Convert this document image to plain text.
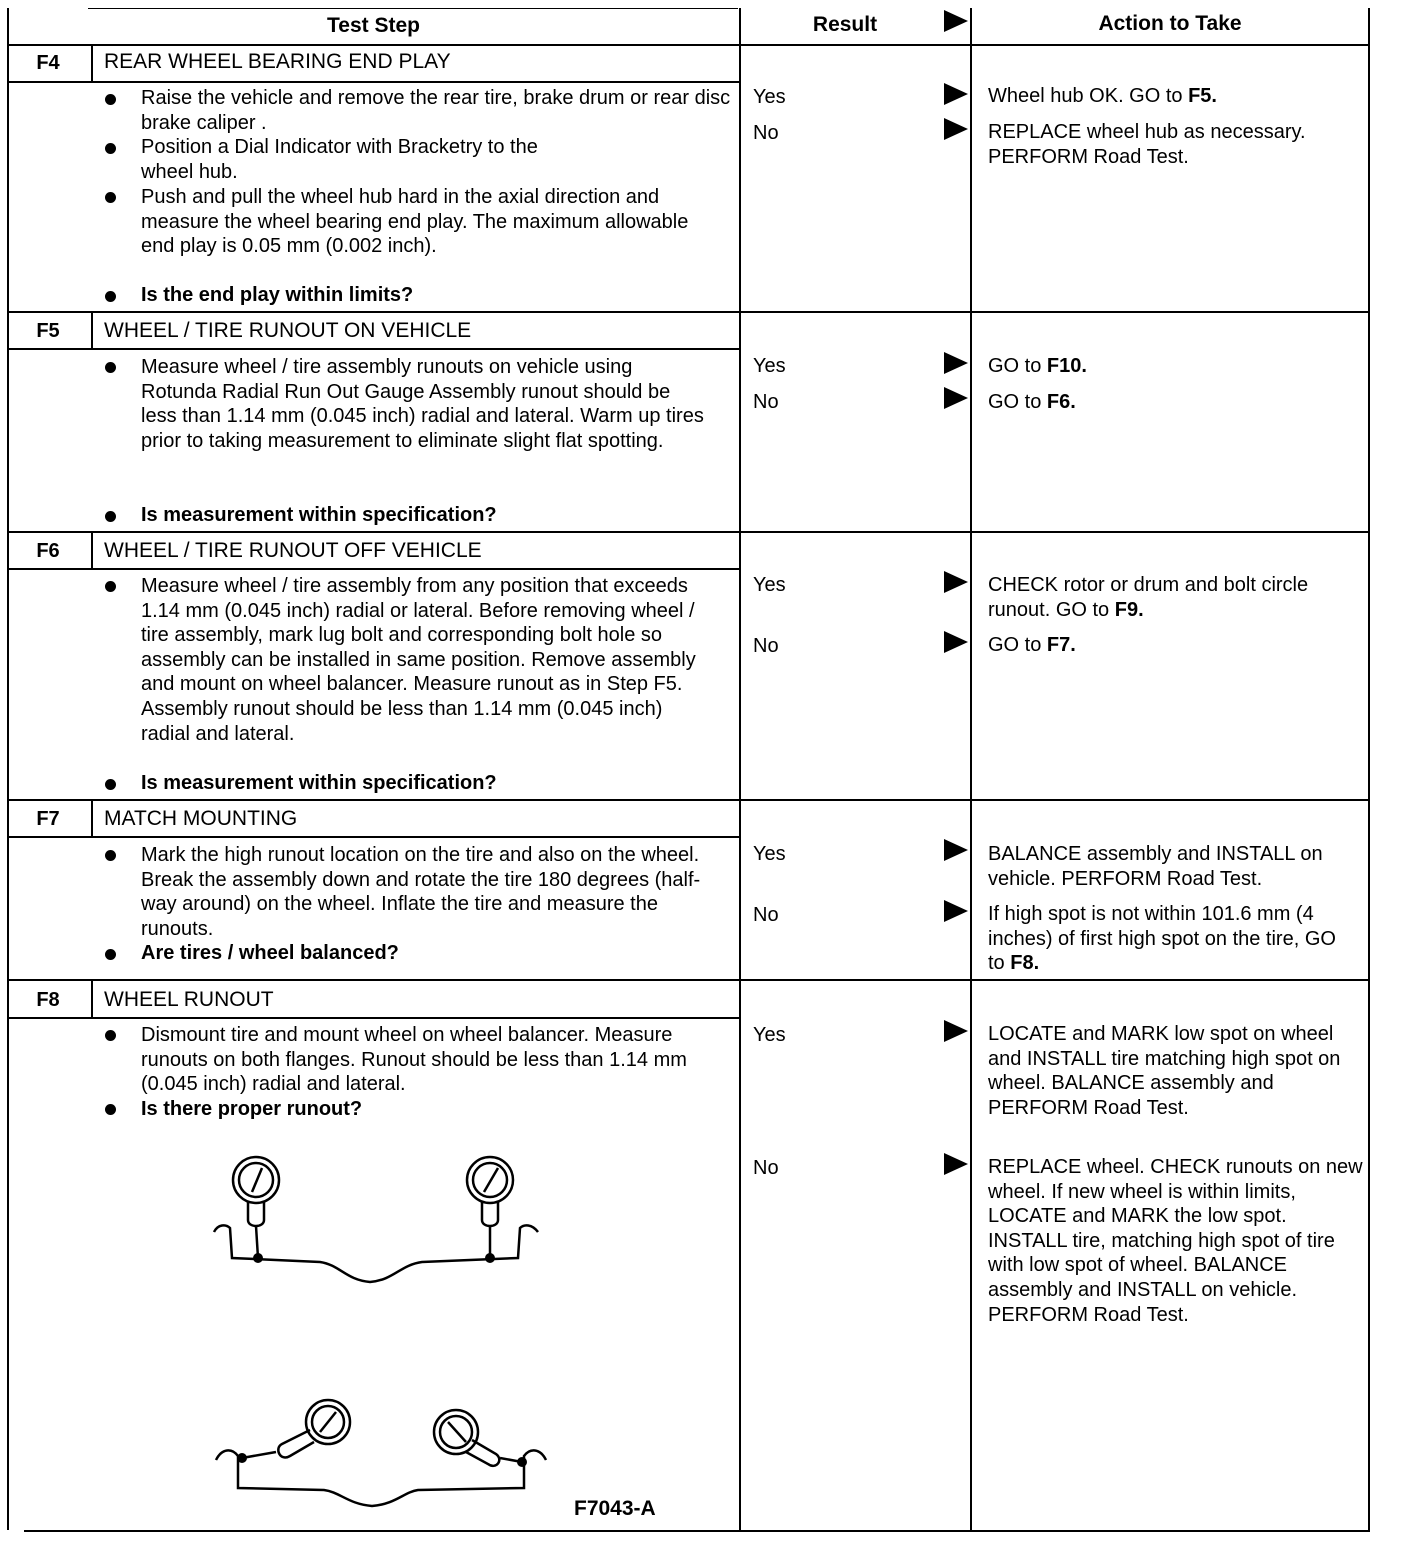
Test Step	Result	Action to Take
F4	REAR WHEEL BEARING END PLAY
Raise the vehicle and remove the rear tire, brake drum or rear disc brake caliper .
Position a Dial Indicator with Bracketry to the wheel hub.
Push and pull the wheel hub hard in the axial direction and measure the wheel bearing end play. The maximum allowable end play is 0.05 mm (0.002 inch).
Is the end play within limits?
Yes	Wheel hub OK. GO to F5.
No	REPLACE wheel hub as necessary. PERFORM Road Test.
F5	WHEEL / TIRE RUNOUT ON VEHICLE
Measure wheel / tire assembly runouts on vehicle using Rotunda Radial Run Out Gauge Assembly runout should be less than 1.14 mm (0.045 inch) radial and lateral. Warm up tires prior to taking measurement to eliminate slight flat spotting.
Is measurement within specification?
Yes	GO to F10.
No	GO to F6.
F6	WHEEL / TIRE RUNOUT OFF VEHICLE
Measure wheel / tire assembly from any position that exceeds 1.14 mm (0.045 inch) radial or lateral. Before removing wheel / tire assembly, mark lug bolt and corresponding bolt hole so assembly can be installed in same position. Remove assembly and mount on wheel balancer. Measure runout as in Step F5. Assembly runout should be less than 1.14 mm (0.045 inch) radial and lateral.
Is measurement within specification?
Yes	CHECK rotor or drum and bolt circle runout. GO to F9.
No	GO to F7.
F7	MATCH MOUNTING
Mark the high runout location on the tire and also on the wheel. Break the assembly down and rotate the tire 180 degrees (half-way around) on the wheel. Inflate the tire and measure the runouts.
Are tires / wheel balanced?
Yes	BALANCE assembly and INSTALL on vehicle. PERFORM Road Test.
No	If high spot is not within 101.6 mm (4 inches) of first high spot on the tire, GO to F8.
F8	WHEEL RUNOUT
Dismount tire and mount wheel on wheel balancer. Measure runouts on both flanges. Runout should be less than 1.14 mm (0.045 inch) radial and lateral.
Is there proper runout?
Yes	LOCATE and MARK low spot on wheel and INSTALL tire matching high spot on wheel. BALANCE assembly and PERFORM Road Test.
No	REPLACE wheel. CHECK runouts on new wheel. If new wheel is within limits, LOCATE and MARK the low spot. INSTALL tire, matching high spot of tire with low spot of wheel. BALANCE assembly and INSTALL on vehicle. PERFORM Road Test.
F7043-A
